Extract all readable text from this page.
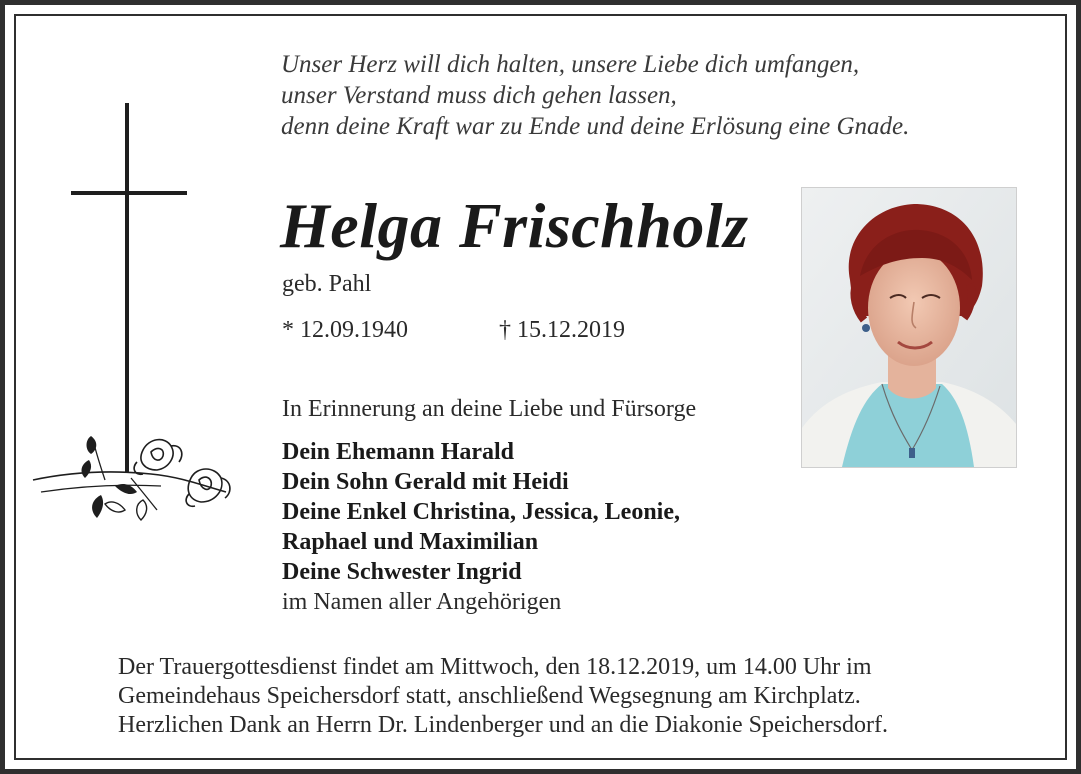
Unser Herz will dich halten, unsere Liebe dich umfangen,
unser Verstand muss dich gehen lassen,
denn deine Kraft war zu Ende und deine Erlösung eine Gnade.
Helga Frischholz
geb. Pahl
* 12.09.1940	† 15.12.2019
In Erinnerung an deine Liebe und Fürsorge
Dein Ehemann Harald
Dein Sohn Gerald mit Heidi
Deine Enkel Christina, Jessica, Leonie,
Raphael und Maximilian
Deine Schwester Ingrid
im Namen aller Angehörigen
Der Trauergottesdienst findet am Mittwoch, den 18.12.2019, um 14.00 Uhr im
Gemeindehaus Speichersdorf statt, anschließend Wegsegnung am Kirchplatz.
Herzlichen Dank an Herrn Dr. Lindenberger und an die Diakonie Speichersdorf.
